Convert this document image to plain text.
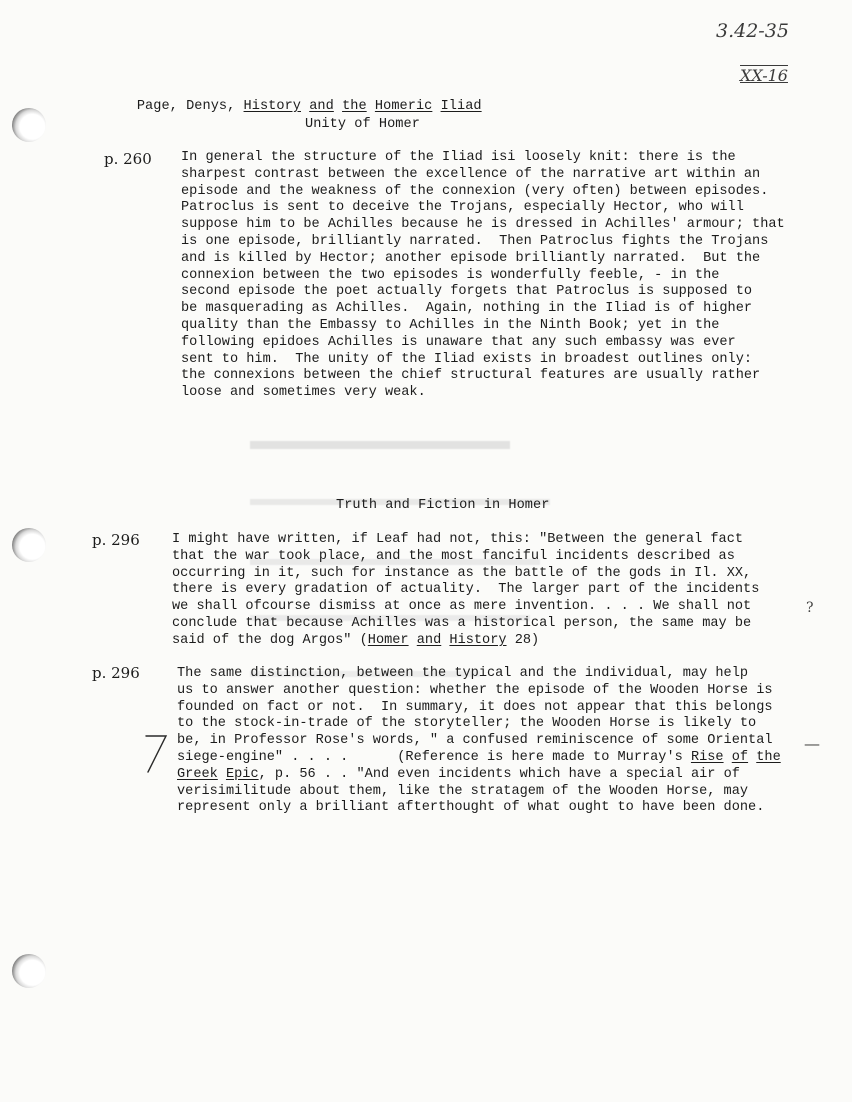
3.42-35
XX-16

Page, Denys, History and the Homeric Iliad

Unity of Homer
p. 260 In general the structure of the Iliad isi loosely knit: there is the
sharpest contrast between the excellence of the narrative art within an
episode and the weakness of the connexion (very often) between episodes.
Patroclus is sent to deceive the Trojans, especially Hector, who will
suppose him to be Achilles because he is dressed in Achilles' armour; that
is one episode, brilliantly narrated.  Then Patroclus fights the Trojans
and is killed by Hector; another episode brilliantly narrated.  But the
connexion between the two episodes is wonderfully feeble, - in the
second episode the poet actually forgets that Patroclus is supposed to
be masquerading as Achilles.  Again, nothing in the Iliad is of higher
quality than the Embassy to Achilles in the Ninth Book; yet in the
following epidoes Achilles is unaware that any such embassy was ever
sent to him.  The unity of the Iliad exists in broadest outlines only:
the connexions between the chief structural features are usually rather
loose and sometimes very weak.

Truth and Fiction in Homer
p. 296 I might have written, if Leaf had not, this: "Between the general fact
that the war took place, and the most fanciful incidents described as
occurring in it, such for instance as the battle of the gods in Il. XX,
there is every gradation of actuality.  The larger part of the incidents
we shall ofcourse dismiss at once as mere invention. . . . We shall not
conclude that because Achilles was a historical person, the same may be
said of the dog Argos" (Homer and History 28)
?
p. 296	The same distinction, between the typical and the individual, may help
us to answer another question: whether the episode of the Wooden Horse is
founded on fact or not.  In summary, it does not appear that this belongs
to the stock-in-trade of the storyteller; the Wooden Horse is likely to
be, in Professor Rose's words, " a confused reminiscence of some Oriental
siege-engine" . . . .      (Reference is here made to Murray's Rise of the
Greek Epic, p. 56 . . "And even incidents which have a special air of
verisimilitude about them, like the stratagem of the Wooden Horse, may
represent only a brilliant afterthought of what ought to have been done.
—
